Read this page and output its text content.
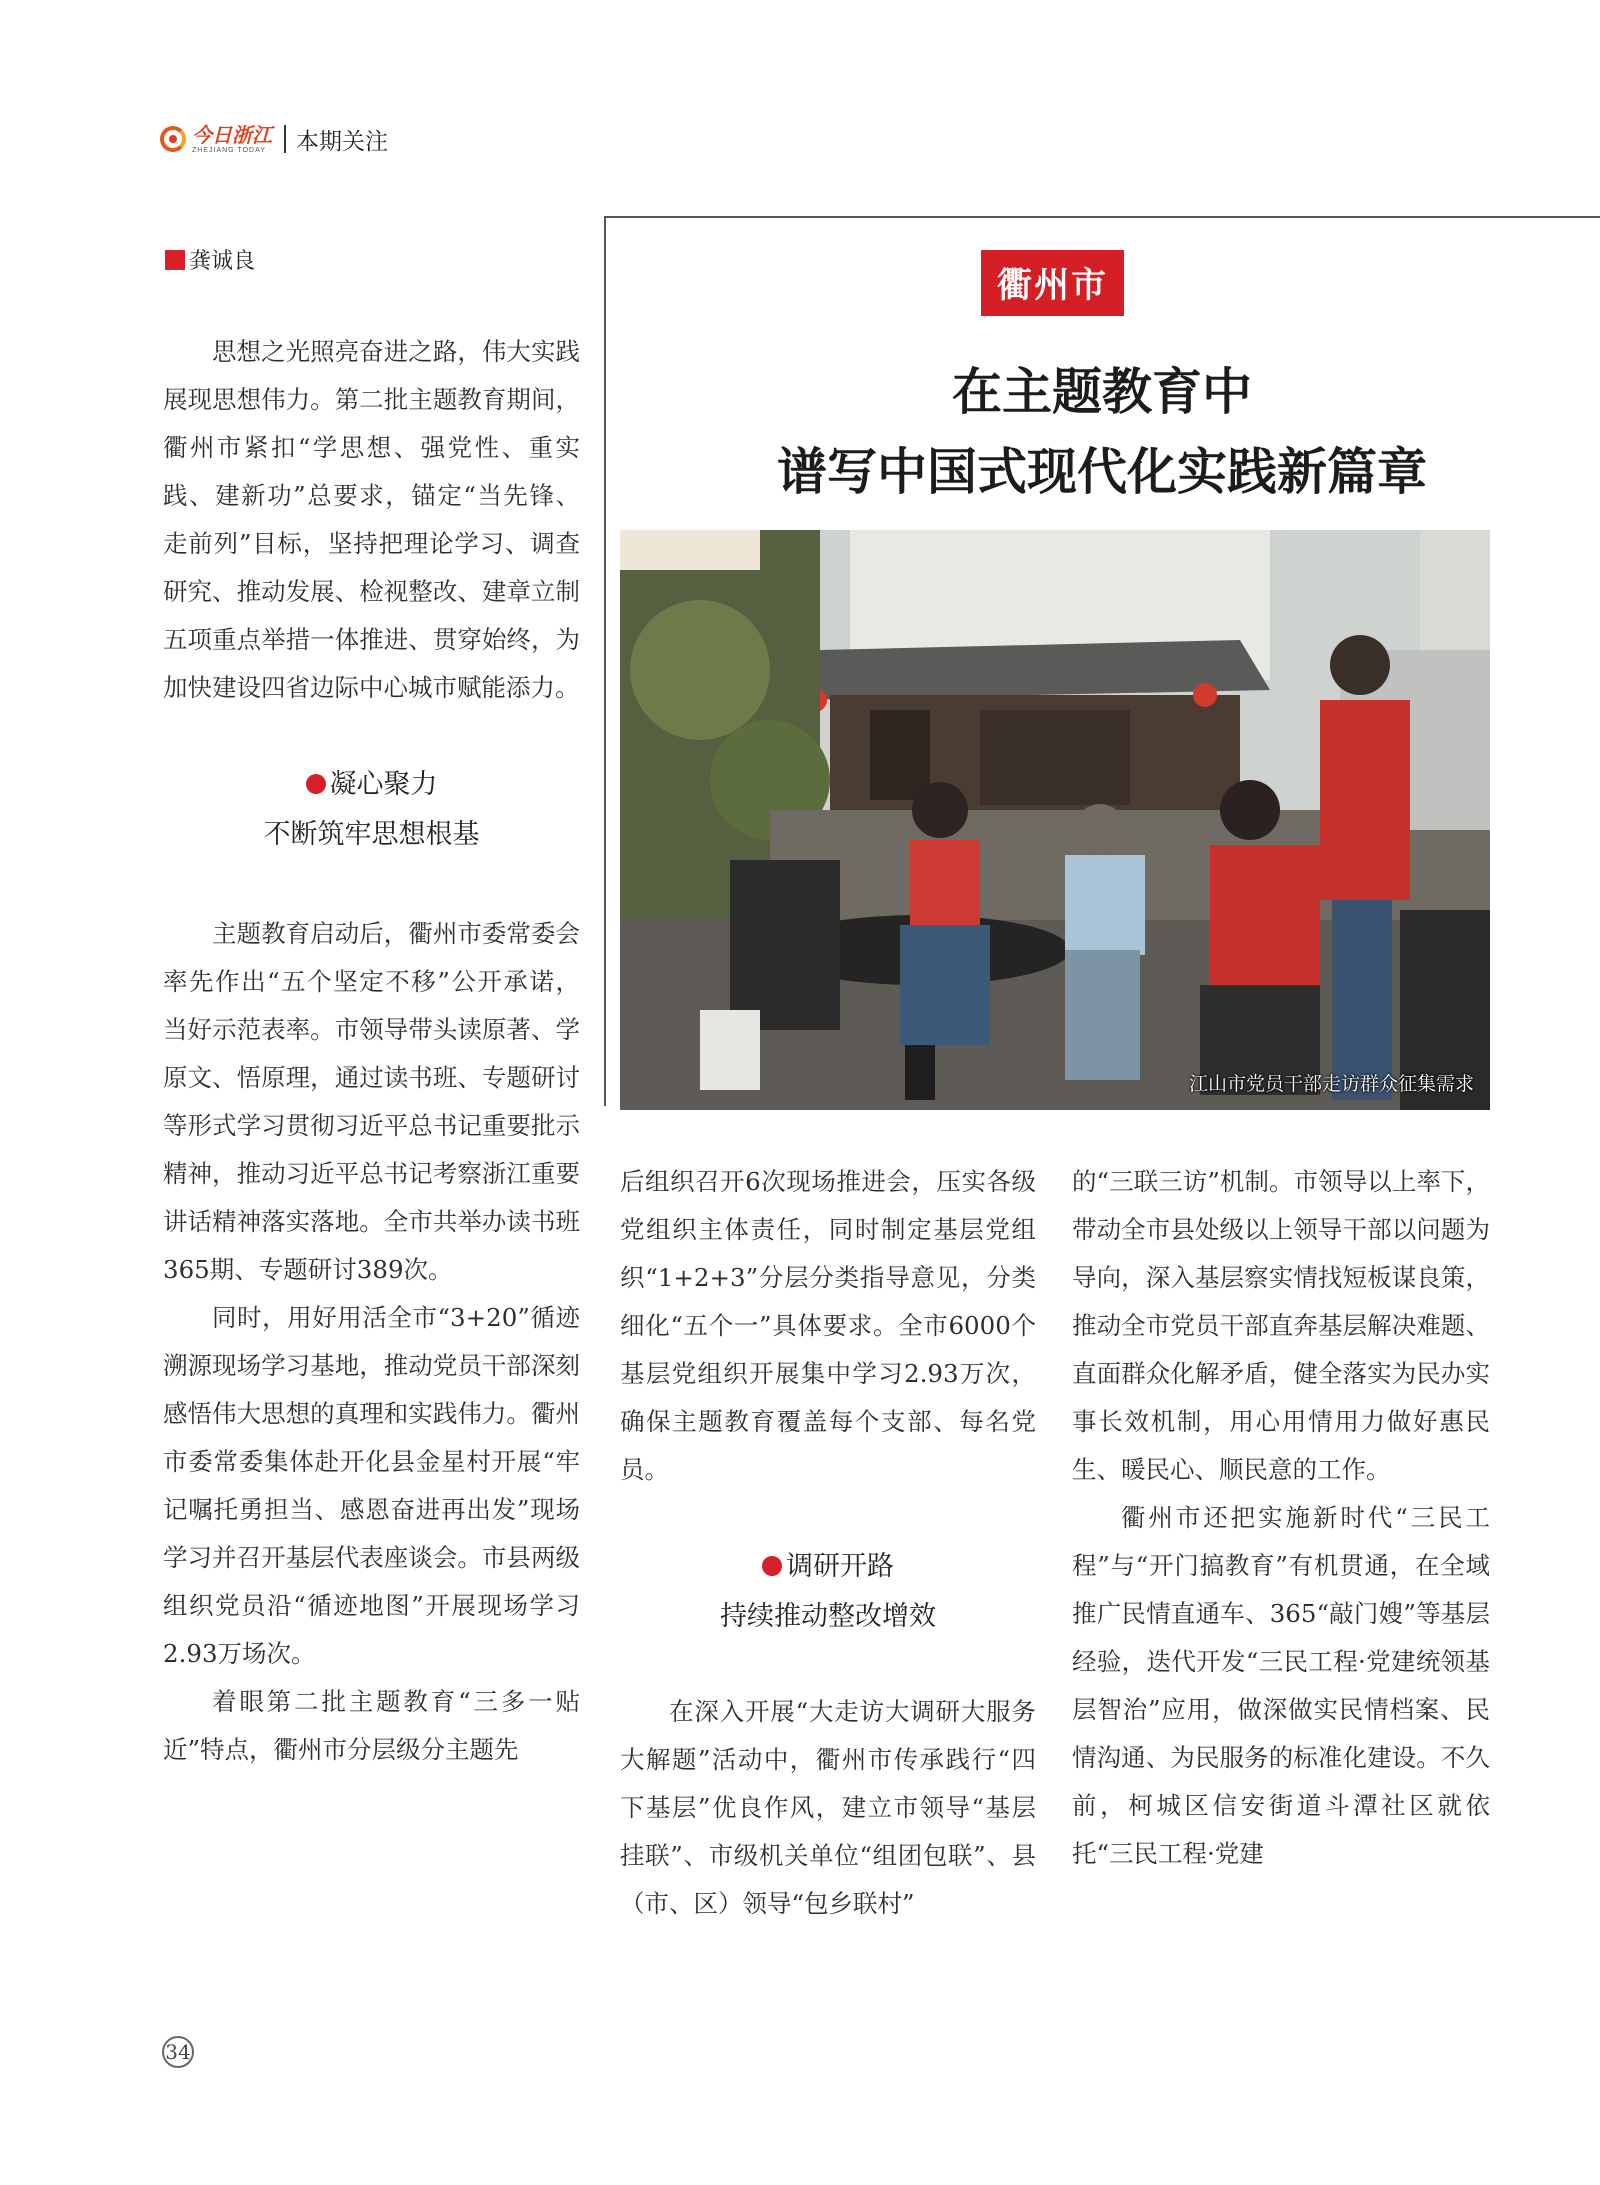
今日浙江
ZHEJIANG TODAY 本期关注
龚诚良

思想之光照亮奋进之路，伟大实践展现思想伟力。第二批主题教育期间，衢州市紧扣“学思想、强党性、重实践、建新功”总要求，锚定“当先锋、走前列”目标，坚持把理论学习、调查研究、推动发展、检视整改、建章立制五项重点举措一体推进、贯穿始终，为加快建设四省边际中心城市赋能添力。

凝心聚力
不断筑牢思想根基

主题教育启动后，衢州市委常委会率先作出“五个坚定不移”公开承诺，当好示范表率。市领导带头读原著、学原文、悟原理，通过读书班、专题研讨等形式学习贯彻习近平总书记重要批示精神，推动习近平总书记考察浙江重要讲话精神落实落地。全市共举办读书班365期、专题研讨389次。

同时，用好用活全市“3+20”循迹溯源现场学习基地，推动党员干部深刻感悟伟大思想的真理和实践伟力。衢州市委常委集体赴开化县金星村开展“牢记嘱托勇担当、感恩奋进再出发”现场学习并召开基层代表座谈会。市县两级组织党员沿“循迹地图”开展现场学习2.93万场次。

着眼第二批主题教育“三多一贴近”特点，衢州市分层级分主题先

衢州市
在主题教育中
谱写中国式现代化实践新篇章
江山市党员干部走访群众征集需求

后组织召开6次现场推进会，压实各级党组织主体责任，同时制定基层党组织“1+2+3”分层分类指导意见，分类细化“五个一”具体要求。全市6000个基层党组织开展集中学习2.93万次，确保主题教育覆盖每个支部、每名党员。

调研开路
持续推动整改增效

在深入开展“大走访大调研大服务大解题”活动中，衢州市传承践行“四下基层”优良作风，建立市领导“基层挂联”、市级机关单位“组团包联”、县（市、区）领导“包乡联村”

的“三联三访”机制。市领导以上率下，带动全市县处级以上领导干部以问题为导向，深入基层察实情找短板谋良策，推动全市党员干部直奔基层解决难题、直面群众化解矛盾，健全落实为民办实事长效机制，用心用情用力做好惠民生、暖民心、顺民意的工作。

衢州市还把实施新时代“三民工程”与“开门搞教育”有机贯通，在全域推广民情直通车、365“敲门嫂”等基层经验，迭代开发“三民工程·党建统领基层智治”应用，做深做实民情档案、民情沟通、为民服务的标准化建设。不久前，柯城区信安街道斗潭社区就依托“三民工程·党建

34
